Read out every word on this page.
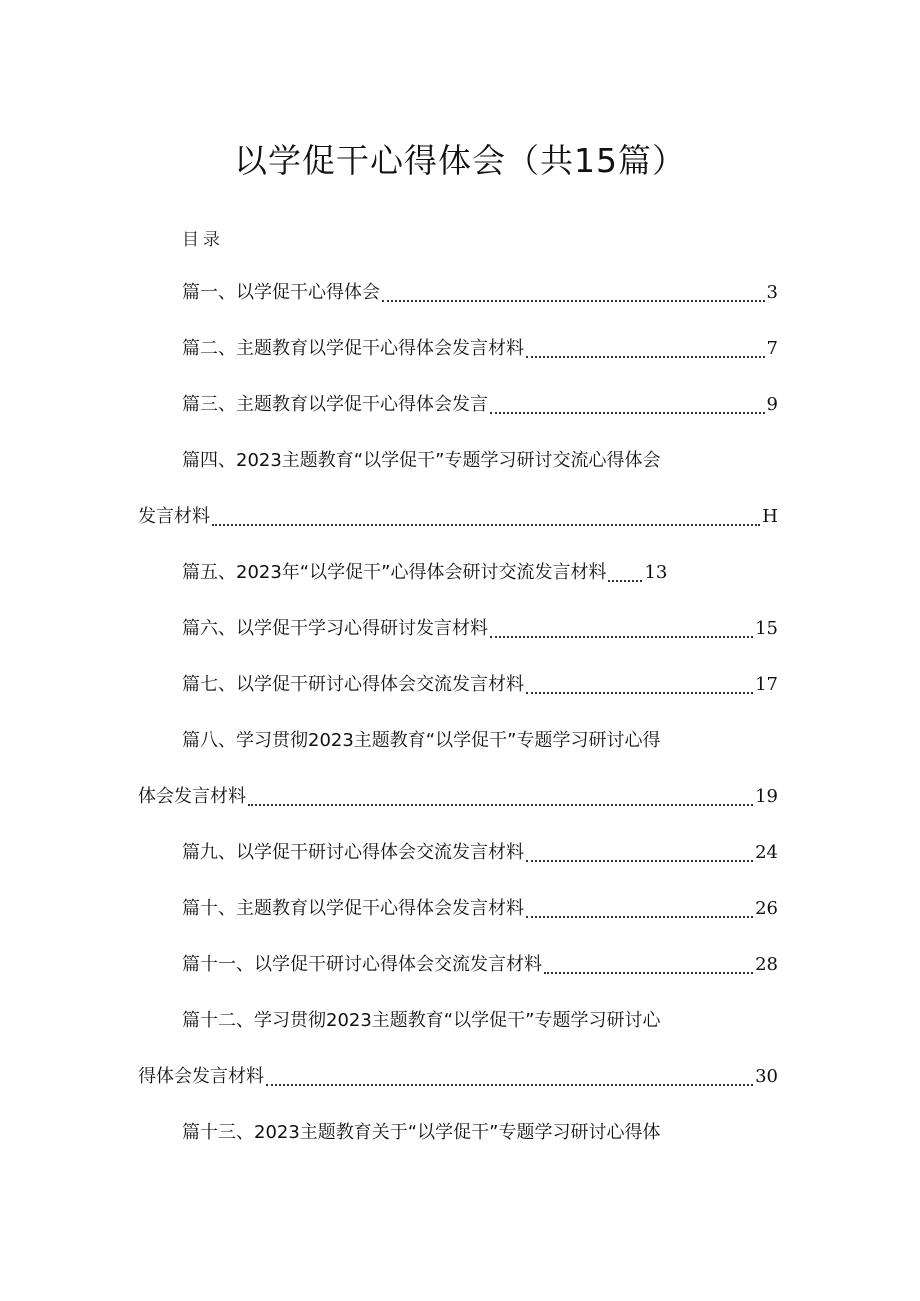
以学促干心得体会（共15篇）
目录
篇一、以学促干心得体会	3
篇二、主题教育以学促干心得体会发言材料	7
篇三、主题教育以学促干心得体会发言	9
篇四、2023主题教育“以学促干”专题学习研讨交流心得体会
发言材料	H
篇五、2023年“以学促干”心得体会研讨交流发言材料 13
篇六、以学促干学习心得研讨发言材料	15
篇七、以学促干研讨心得体会交流发言材料	17
篇八、学习贯彻2023主题教育“以学促干”专题学习研讨心得
体会发言材料	19
篇九、以学促干研讨心得体会交流发言材料	24
篇十、主题教育以学促干心得体会发言材料	26
篇十一、以学促干研讨心得体会交流发言材料	28
篇十二、学习贯彻2023主题教育“以学促干”专题学习研讨心
得体会发言材料	30
篇十三、2023主题教育关于“以学促干”专题学习研讨心得体
